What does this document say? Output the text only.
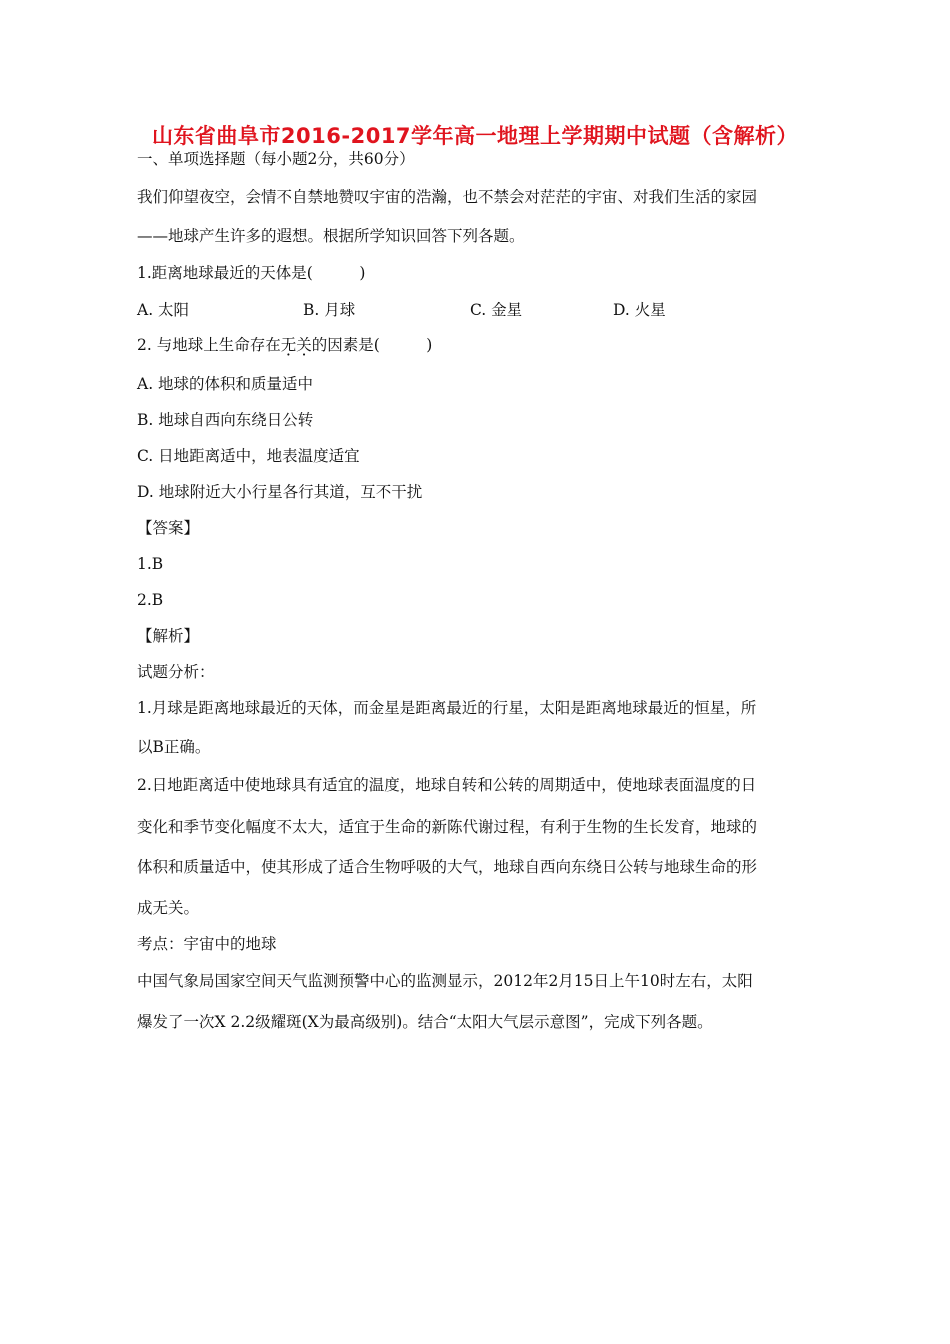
山东省曲阜市2016-2017学年高一地理上学期期中试题（含解析）
一、单项选择题（每小题2分，共60分）
我们仰望夜空，会情不自禁地赞叹宇宙的浩瀚，也不禁会对茫茫的宇宙、对我们生活的家园
——地球产生许多的遐想。根据所学知识回答下列各题。
1.距离地球最近的天体是(　　　)
A. 太阳	B. 月球	C. 金星	D. 火星
2. 与地球上生命存在无关的因素是(　　　)
A. 地球的体积和质量适中
B. 地球自西向东绕日公转
C. 日地距离适中，地表温度适宜
D. 地球附近大小行星各行其道，互不干扰
【答案】
1.B
2.B
【解析】
试题分析：
1.月球是距离地球最近的天体，而金星是距离最近的行星，太阳是距离地球最近的恒星，所
以B正确。
2.日地距离适中使地球具有适宜的温度，地球自转和公转的周期适中，使地球表面温度的日
变化和季节变化幅度不太大，适宜于生命的新陈代谢过程，有利于生物的生长发育，地球的
体积和质量适中，使其形成了适合生物呼吸的大气，地球自西向东绕日公转与地球生命的形
成无关。
考点：宇宙中的地球
中国气象局国家空间天气监测预警中心的监测显示，2012年2月15日上午10时左右，太阳
爆发了一次X 2.2级耀斑(X为最高级别)。结合“太阳大气层示意图”，完成下列各题。
